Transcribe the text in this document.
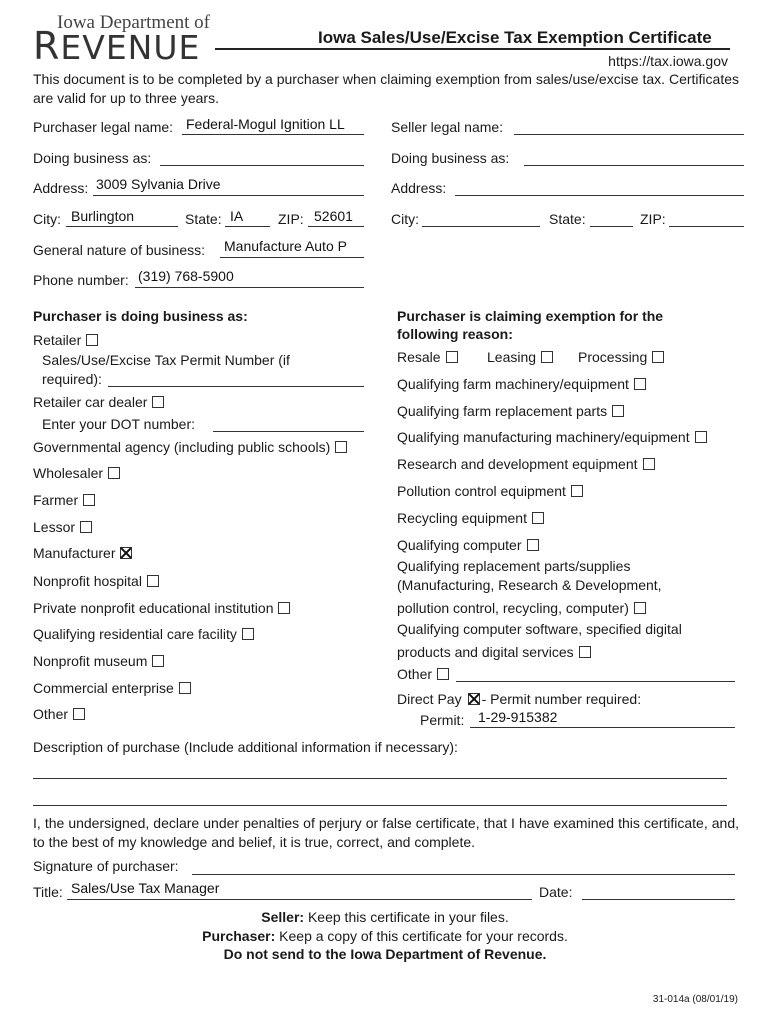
Iowa Department of
REVENUE	Iowa Sales/Use/Excise Tax Exemption Certificate
https://tax.iowa.gov
This document is to be completed by a purchaser when claiming exemption from sales/use/excise tax. Certificates are valid for up to three years.
Purchaser legal name: Federal-Mogul Ignition LL
Doing business as:
Address: 3009 Sylvania Drive
City: Burlington	State: IA ZIP: 52601
General nature of business: Manufacture Auto P
Phone number: (319) 768-5900
Seller legal name:
Doing business as:
Address:
City:	State:	ZIP:
Purchaser is doing business as:
Retailer
Sales/Use/Excise Tax Permit Number (if
required):
Retailer car dealer
Enter your DOT number:
Governmental agency (including public schools)
Wholesaler
Farmer
Lessor
Manufacturer
Nonprofit hospital
Private nonprofit educational institution
Qualifying residential care facility
Nonprofit museum
Commercial enterprise
Other
Purchaser is claiming exemption for the
following reason:
Resale	Leasing	Processing
Qualifying farm machinery/equipment
Qualifying farm replacement parts
Qualifying manufacturing machinery/equipment
Research and development equipment
Pollution control equipment
Recycling equipment
Qualifying computer
Qualifying replacement parts/supplies
(Manufacturing, Research & Development,
pollution control, recycling, computer)
Qualifying computer software, specified digital
products and digital services
Other
Direct Pay - Permit number required:
Permit: 1-29-915382
Description of purchase (Include additional information if necessary):
I, the undersigned, declare under penalties of perjury or false certificate, that I have examined this certificate, and, to the best of my knowledge and belief, it is true, correct, and complete.
Signature of purchaser:
Title: Sales/Use Tax Manager	Date:
Seller: Keep this certificate in your files.
Purchaser: Keep a copy of this certificate for your records.
Do not send to the Iowa Department of Revenue.
31-014a (08/01/19)
